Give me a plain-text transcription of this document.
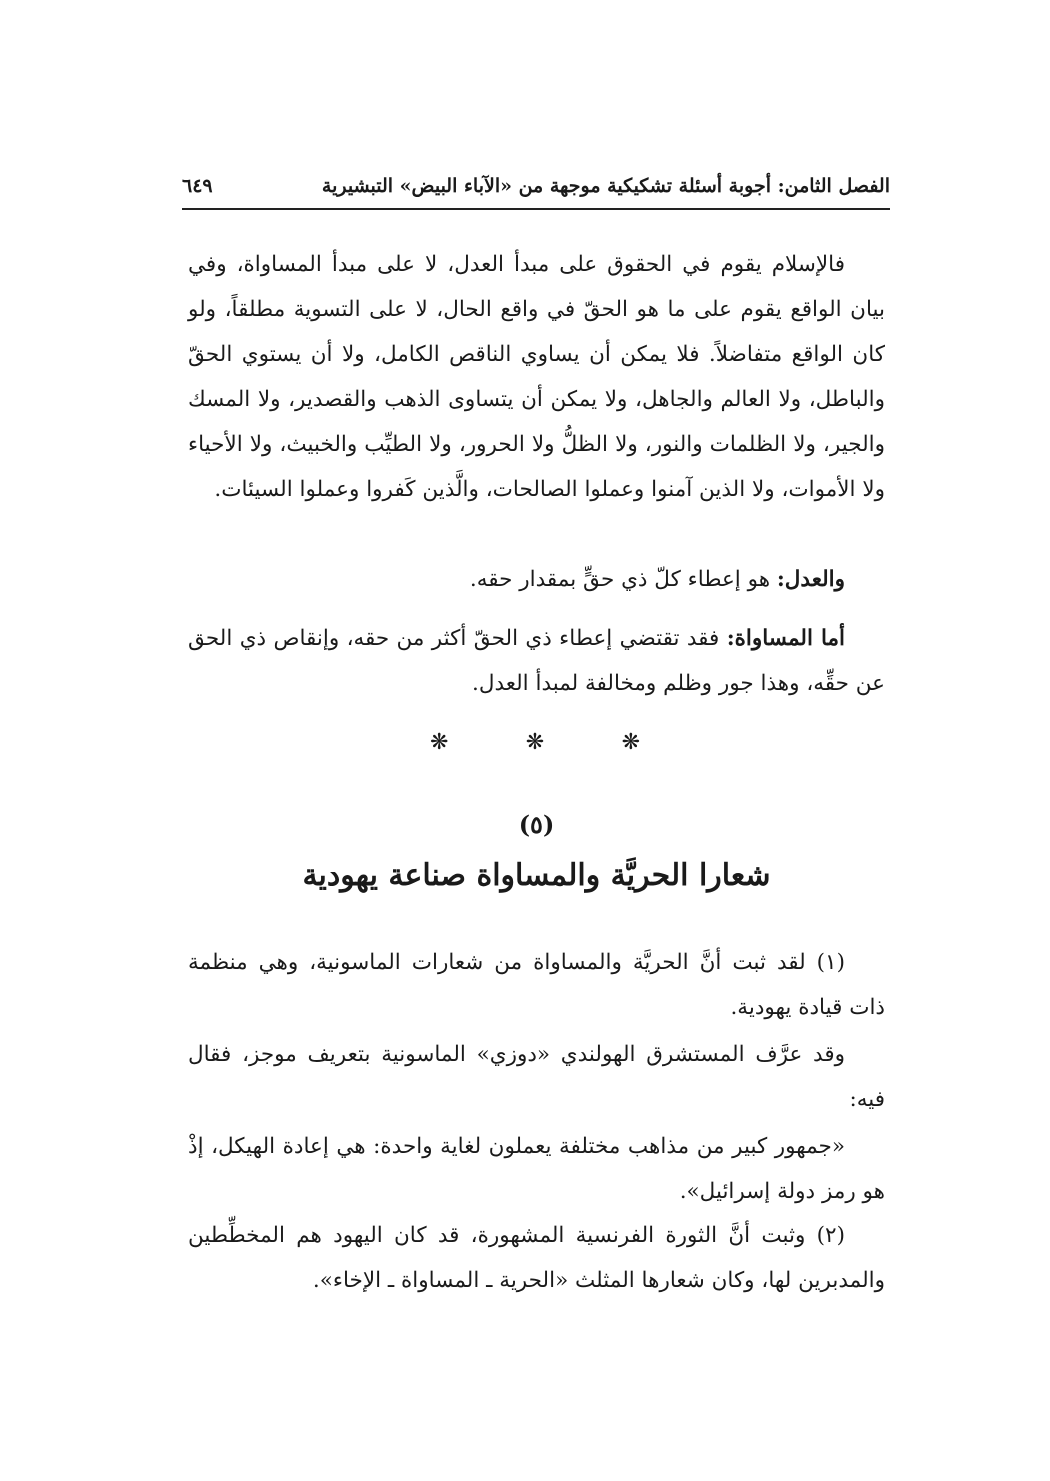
الفصل الثامن: أجوبة أسئلة تشكيكية موجهة من «الآباء البيض» التبشيرية
٦٤٩

فالإسلام يقوم في الحقوق على مبدأ العدل، لا على مبدأ المساواة، وفي بيان الواقع يقوم على ما هو الحقّ في واقع الحال، لا على التسوية مطلقاً، ولو كان الواقع متفاضلاً. فلا يمكن أن يساوي الناقص الكامل، ولا أن يستوي الحقّ والباطل، ولا العالم والجاهل، ولا يمكن أن يتساوى الذهب والقصدير، ولا المسك والجير، ولا الظلمات والنور، ولا الظلُّ ولا الحرور، ولا الطيِّب والخبيث، ولا الأحياء ولا الأموات، ولا الذين آمنوا وعملوا الصالحات، والَّذين كَفروا وعملوا السيئات.

والعدل: هو إعطاء كلّ ذي حقٍّ بمقدار حقه.

أما المساواة: فقد تقتضي إعطاء ذي الحقّ أكثر من حقه، وإنقاص ذي الحق عن حقِّه، وهذا جور وظلم ومخالفة لمبدأ العدل.

❋
❋
❋
(٥)
شعارا الحريَّة والمساواة صناعة يهودية

(١) لقد ثبت أنَّ الحريَّة والمساواة من شعارات الماسونية، وهي منظمة ذات قيادة يهودية.

وقد عرَّف المستشرق الهولندي «دوزي» الماسونية بتعريف موجز، فقال فيه:

«جمهور كبير من مذاهب مختلفة يعملون لغاية واحدة: هي إعادة الهيكل، إذْ هو رمز دولة إسرائيل».

(٢) وثبت أنَّ الثورة الفرنسية المشهورة، قد كان اليهود هم المخطِّطين والمدبرين لها، وكان شعارها المثلث «الحرية ـ المساواة ـ الإخاء».
